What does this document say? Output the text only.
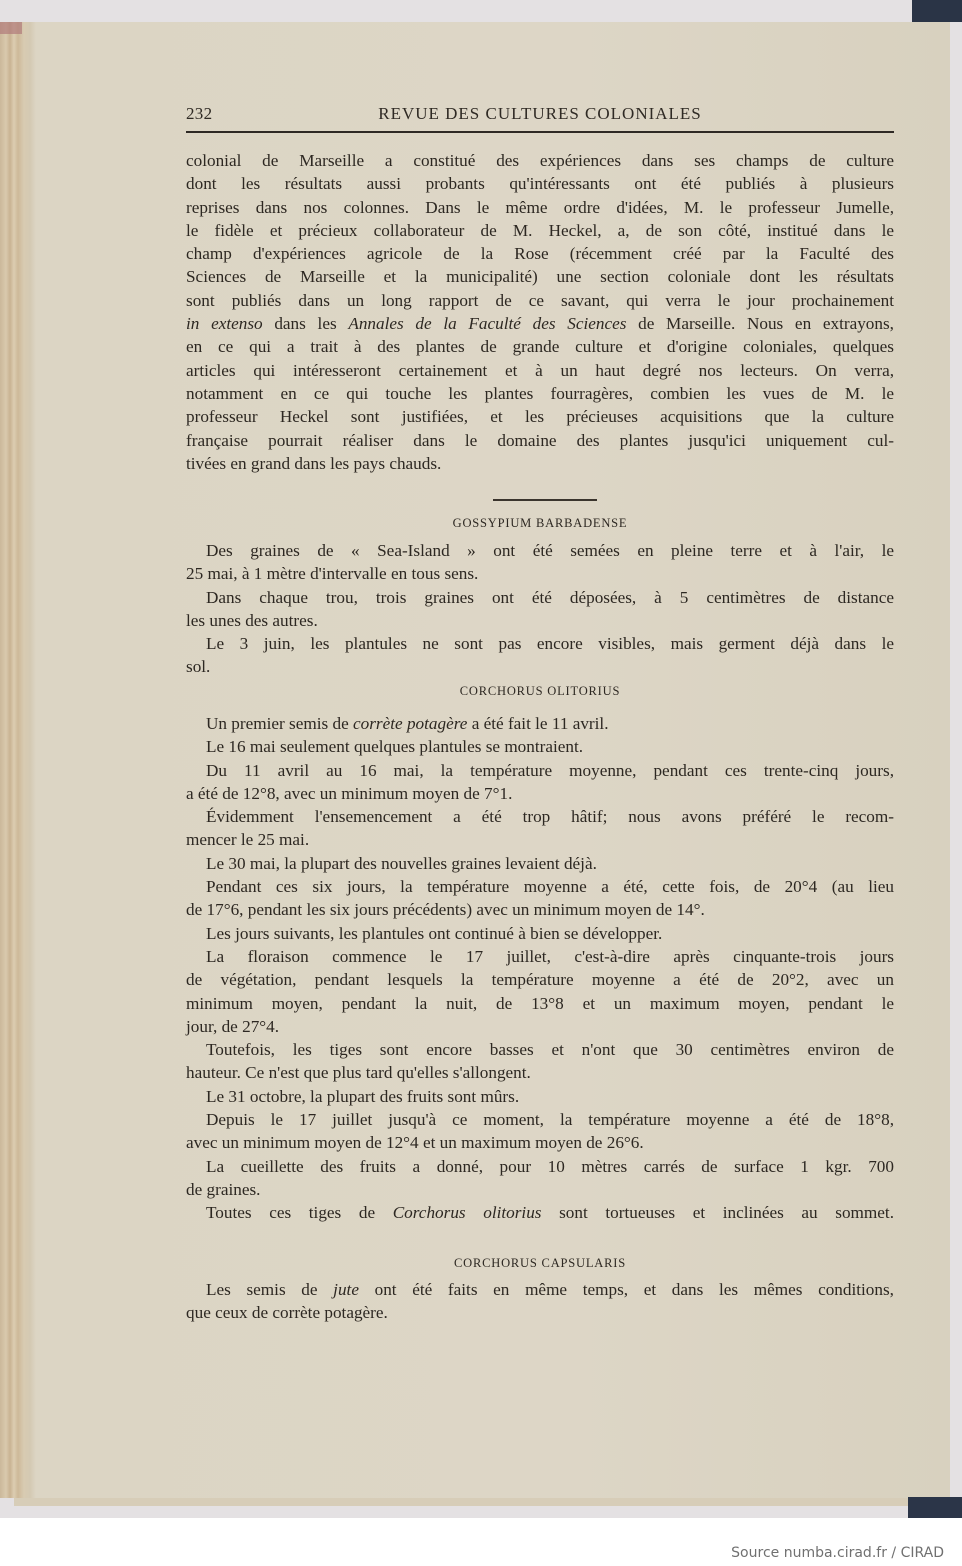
232	REVUE DES CULTURES COLONIALES
colonial de Marseille a constitué des expériences dans ses champs de culture
dont les résultats aussi probants qu'intéressants ont été publiés à plusieurs
reprises dans nos colonnes. Dans le même ordre d'idées, M. le professeur Jumelle,
le fidèle et précieux collaborateur de M. Heckel, a, de son côté, institué dans le
champ d'expériences agricole de la Rose (récemment créé par la Faculté des
Sciences de Marseille et la municipalité) une section coloniale dont les résultats
sont publiés dans un long rapport de ce savant, qui verra le jour prochainement
in extenso dans les Annales de la Faculté des Sciences de Marseille. Nous en extrayons,
en ce qui a trait à des plantes de grande culture et d'origine coloniales, quelques
articles qui intéresseront certainement et à un haut degré nos lecteurs. On verra,
notamment en ce qui touche les plantes fourragères, combien les vues de M. le
professeur Heckel sont justifiées, et les précieuses acquisitions que la culture
française pourrait réaliser dans le domaine des plantes jusqu'ici uniquement cul-
tivées en grand dans les pays chauds.
GOSSYPIUM BARBADENSE
Des graines de « Sea-Island » ont été semées en pleine terre et à l'air, le
25 mai, à 1 mètre d'intervalle en tous sens.
Dans chaque trou, trois graines ont été déposées, à 5 centimètres de distance
les unes des autres.
Le 3 juin, les plantules ne sont pas encore visibles, mais germent déjà dans le
sol.
CORCHORUS OLITORIUS
Un premier semis de corrète potagère a été fait le 11 avril.
Le 16 mai seulement quelques plantules se montraient.
Du 11 avril au 16 mai, la température moyenne, pendant ces trente-cinq jours,
a été de 12°8, avec un minimum moyen de 7°1.
Évidemment l'ensemencement a été trop hâtif; nous avons préféré le recom-
mencer le 25 mai.
Le 30 mai, la plupart des nouvelles graines levaient déjà.
Pendant ces six jours, la température moyenne a été, cette fois, de 20°4 (au lieu
de 17°6, pendant les six jours précédents) avec un minimum moyen de 14°.
Les jours suivants, les plantules ont continué à bien se développer.
La floraison commence le 17 juillet, c'est-à-dire après cinquante-trois jours
de végétation, pendant lesquels la température moyenne a été de 20°2, avec un
minimum moyen, pendant la nuit, de 13°8 et un maximum moyen, pendant le
jour, de 27°4.
Toutefois, les tiges sont encore basses et n'ont que 30 centimètres environ de
hauteur. Ce n'est que plus tard qu'elles s'allongent.
Le 31 octobre, la plupart des fruits sont mûrs.
Depuis le 17 juillet jusqu'à ce moment, la température moyenne a été de 18°8,
avec un minimum moyen de 12°4 et un maximum moyen de 26°6.
La cueillette des fruits a donné, pour 10 mètres carrés de surface 1 kgr. 700
de graines.
Toutes ces tiges de Corchorus olitorius sont tortueuses et inclinées au sommet.
CORCHORUS CAPSULARIS
Les semis de jute ont été faits en même temps, et dans les mêmes conditions,
que ceux de corrète potagère.
Source numba.cirad.fr / CIRAD
